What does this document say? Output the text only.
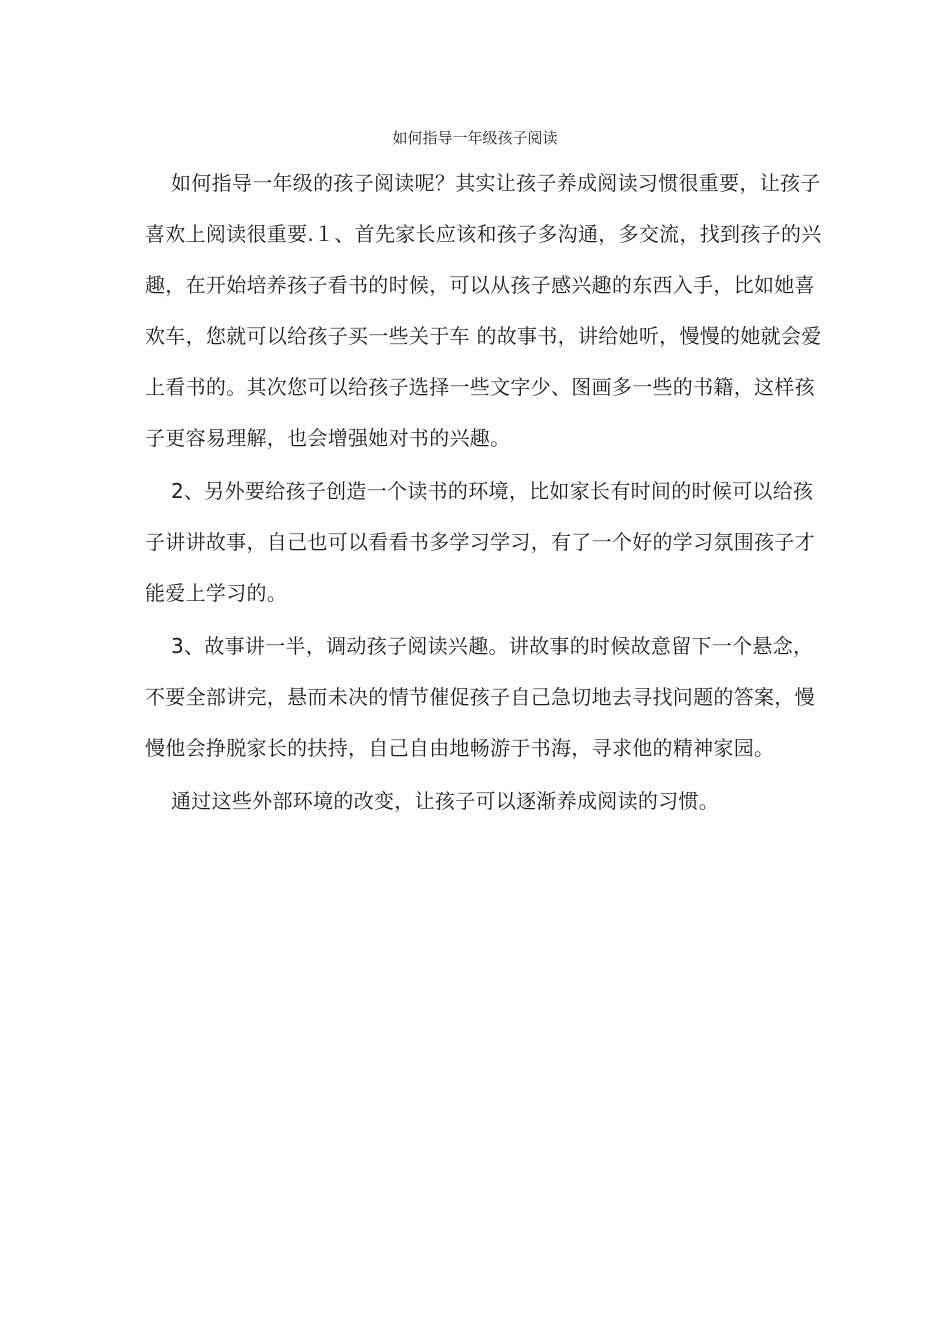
如何指导一年级孩子阅读

如何指导一年级的孩子阅读呢？其实让孩子养成阅读习惯很重要，让孩子喜欢上阅读很重要.１、首先家长应该和孩子多沟通，多交流，找到孩子的兴趣，在开始培养孩子看书的时候，可以从孩子感兴趣的东西入手，比如她喜欢车，您就可以给孩子买一些关于车 的故事书，讲给她听，慢慢的她就会爱上看书的。其次您可以给孩子选择一些文字少、图画多一些的书籍，这样孩子更容易理解，也会增强她对书的兴趣。

2、另外要给孩子创造一个读书的环境，比如家长有时间的时候可以给孩子讲讲故事，自己也可以看看书多学习学习，有了一个好的学习氛围孩子才能爱上学习的。

3、故事讲一半，调动孩子阅读兴趣。讲故事的时候故意留下一个悬念，不要全部讲完，悬而未决的情节催促孩子自己急切地去寻找问题的答案，慢慢他会挣脱家长的扶持，自己自由地畅游于书海，寻求他的精神家园。

通过这些外部环境的改变，让孩子可以逐渐养成阅读的习惯。
